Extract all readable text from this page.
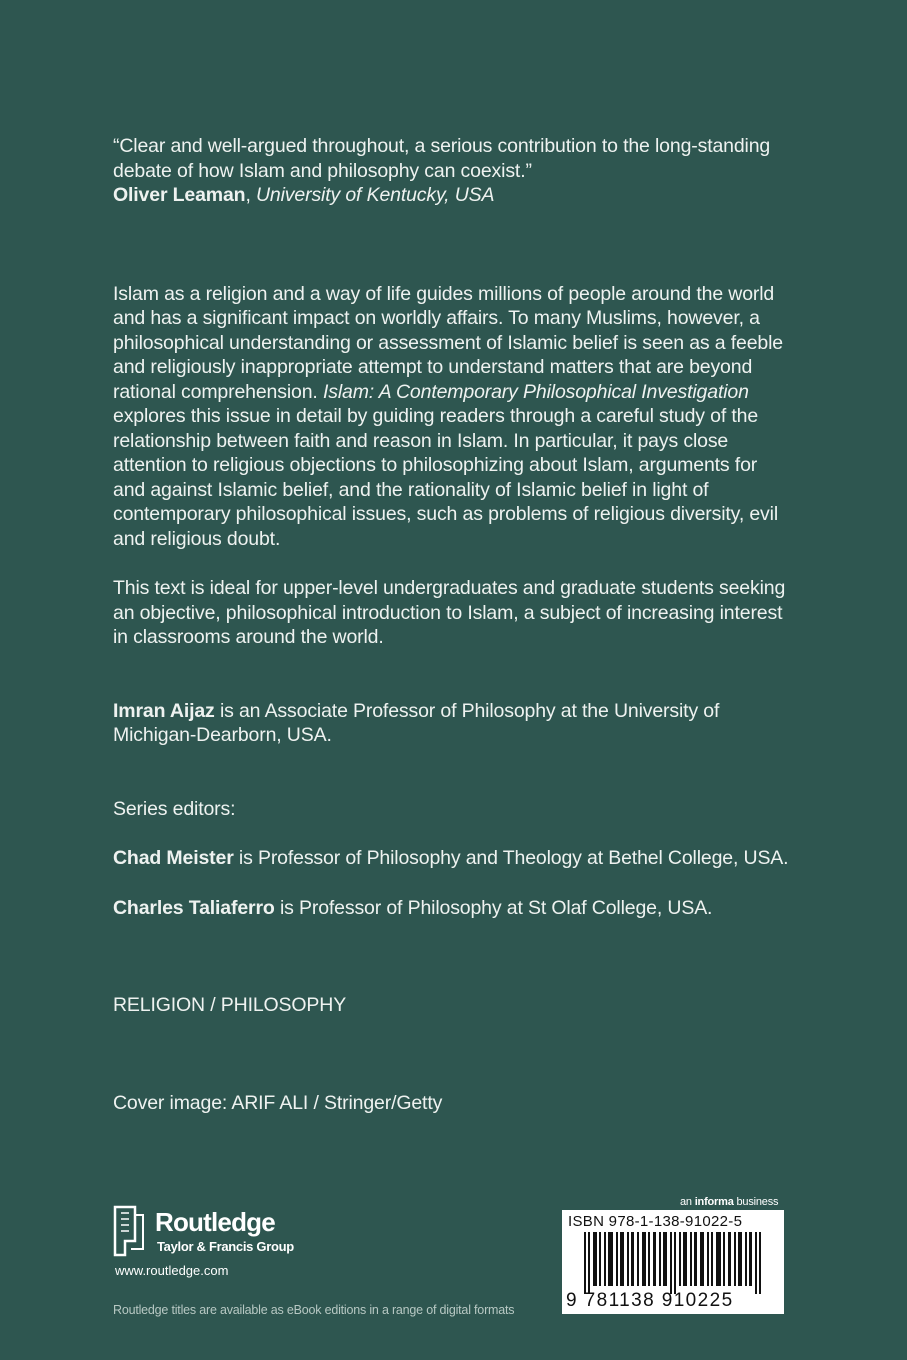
“Clear and well-argued throughout, a serious contribution to the long-standing debate of how Islam and philosophy can coexist.”
Oliver Leaman, University of Kentucky, USA

Islam as a religion and a way of life guides millions of people around the world and has a significant impact on worldly affairs. To many Muslims, however, a philosophical understanding or assessment of Islamic belief is seen as a feeble and religiously inappropriate attempt to understand matters that are beyond rational comprehension. Islam: A Contemporary Philosophical Investigation explores this issue in detail by guiding readers through a careful study of the relationship between faith and reason in Islam. In particular, it pays close attention to religious objections to philosophizing about Islam, arguments for and against Islamic belief, and the rationality of Islamic belief in light of contemporary philosophical issues, such as problems of religious diversity, evil and religious doubt.

This text is ideal for upper-level undergraduates and graduate students seeking an objective, philosophical introduction to Islam, a subject of increasing interest in classrooms around the world.

Imran Aijaz is an Associate Professor of Philosophy at the University of Michigan-Dearborn, USA.

Series editors:

Chad Meister is Professor of Philosophy and Theology at Bethel College, USA.

Charles Taliaferro is Professor of Philosophy at St Olaf College, USA.

RELIGION / PHILOSOPHY

Cover image: ARIF ALI / Stringer/Getty

Routledge
Taylor & Francis Group
www.routledge.com
Routledge titles are available as eBook editions in a range of digital formats
an informa business
ISBN 978-1-138-91022-5
9 781138 910225
